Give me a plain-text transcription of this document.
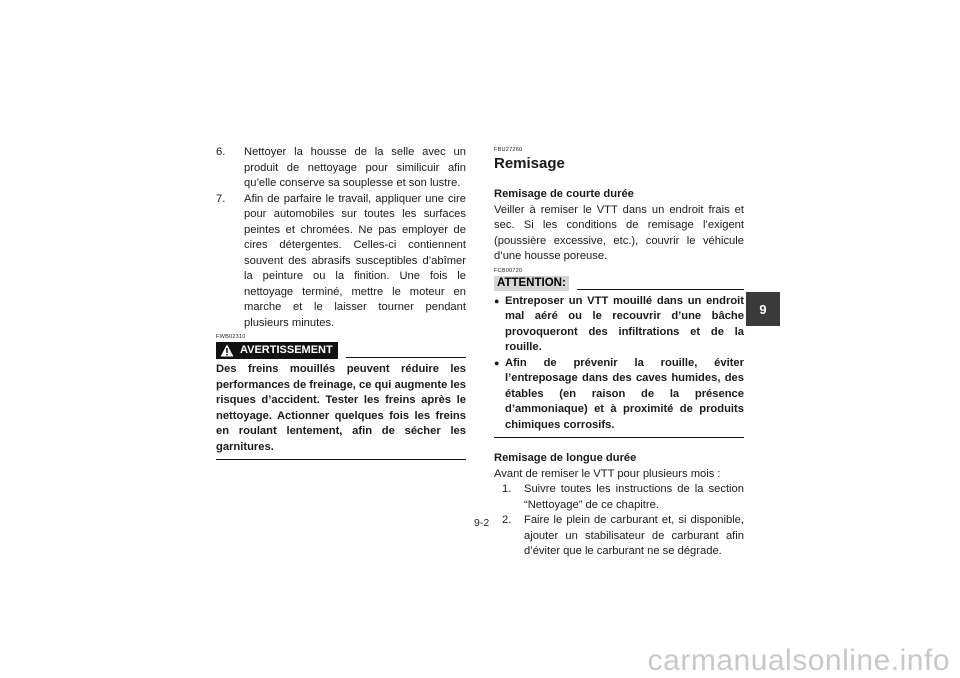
6.	Nettoyer la housse de la selle avec un produit de nettoyage pour similicuir afin qu’elle conserve sa souplesse et son lustre.
7.	Afin de parfaire le travail, appliquer une cire pour automobiles sur toutes les surfaces peintes et chromées. Ne pas employer de cires détergentes. Celles-ci contiennent souvent des abrasifs susceptibles d’abîmer la peinture ou la finition. Une fois le nettoyage terminé, mettre le moteur en marche et le laisser tourner pendant plusieurs minutes.
FWB02310
AVERTISSEMENT
Des freins mouillés peuvent réduire les performances de freinage, ce qui augmente les risques d’accident. Tester les freins après le nettoyage. Actionner quelques fois les freins en roulant lentement, afin de sécher les garnitures.
FBU27260
Remisage
Remisage de courte durée
Veiller à remiser le VTT dans un endroit frais et sec. Si les conditions de remisage l’exigent (poussière excessive, etc.), couvrir le véhicule d’une housse poreuse.
FCB00720
ATTENTION:
● Entreposer un VTT mouillé dans un endroit mal aéré ou le recouvrir d’une bâche provoqueront des infiltrations et de la rouille.
● Afin de prévenir la rouille, éviter l’entreposage dans des caves humides, des étables (en raison de la présence d’ammoniaque) et à proximité de produits chimiques corrosifs.
Remisage de longue durée
Avant de remiser le VTT pour plusieurs mois :
1.	Suivre toutes les instructions de la section “Nettoyage” de ce chapitre.
2.	Faire le plein de carburant et, si disponible, ajouter un stabilisateur de carburant afin d’éviter que le carburant ne se dégrade.
9-2
9
carmanualsonline.info
